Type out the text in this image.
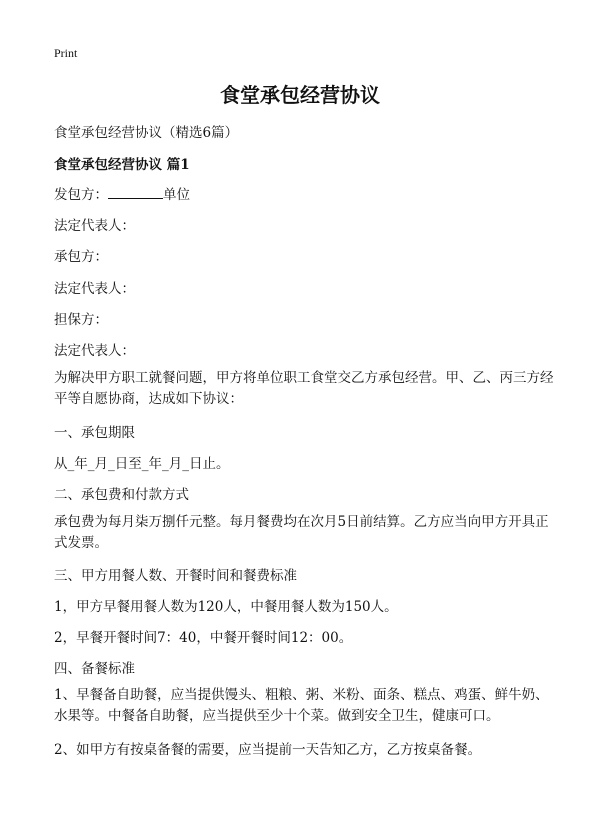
Print
食堂承包经营协议
食堂承包经营协议（精选6篇）
食堂承包经营协议 篇1
发包方：	单位
法定代表人：
承包方：
法定代表人：
担保方：
法定代表人：
为解决甲方职工就餐问题，甲方将单位职工食堂交乙方承包经营。甲、乙、丙三方经平等自愿协商，达成如下协议：
一、承包期限
从_年_月_日至_年_月_日止。
二、承包费和付款方式
承包费为每月柒万捌仟元整。每月餐费均在次月5日前结算。乙方应当向甲方开具正式发票。
三、甲方用餐人数、开餐时间和餐费标准
1，甲方早餐用餐人数为120人，中餐用餐人数为150人。
2，早餐开餐时间7：40，中餐开餐时间12：00。
四、备餐标准
1、早餐备自助餐，应当提供馒头、粗粮、粥、米粉、面条、糕点、鸡蛋、鲜牛奶、水果等。中餐备自助餐，应当提供至少十个菜。做到安全卫生，健康可口。
2、如甲方有按桌备餐的需要，应当提前一天告知乙方，乙方按桌备餐。
